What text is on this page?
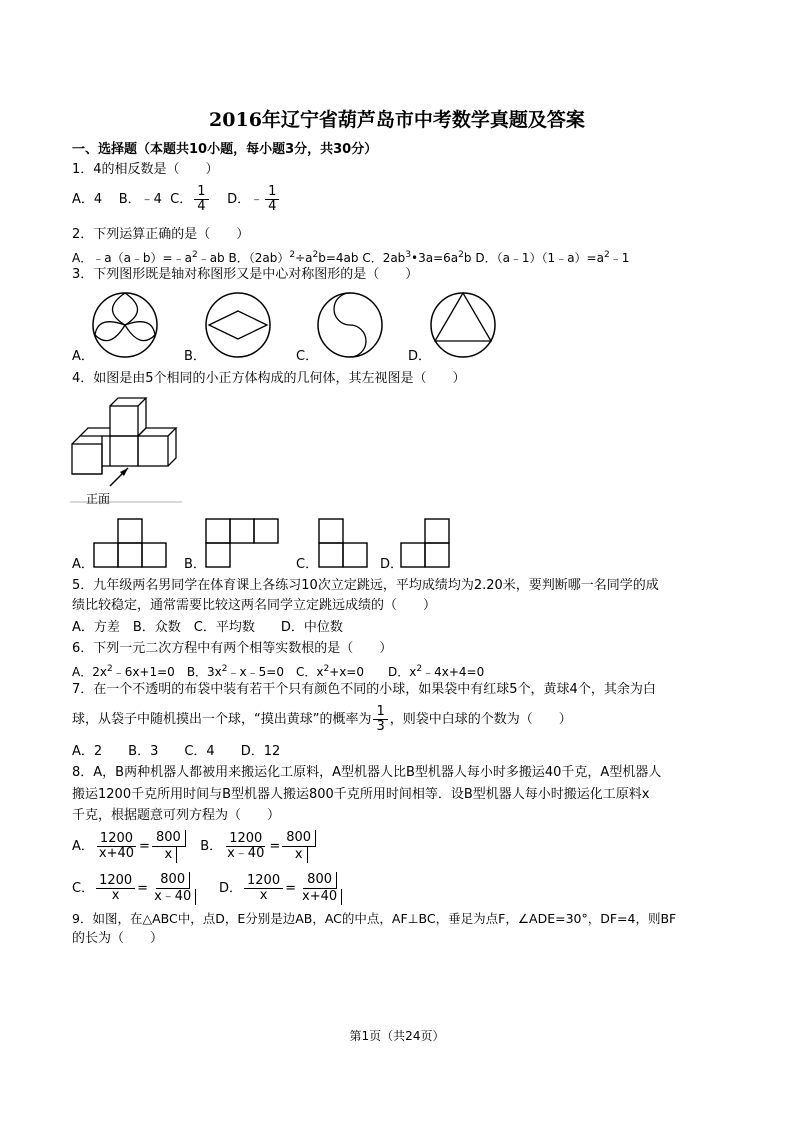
2016年辽宁省葫芦岛市中考数学真题及答案
一、选择题（本题共10小题，每小题3分，共30分）
1．4的相反数是（　　）
A．4 B．﹣4 C． $\frac{1}{4}$ D．﹣ $\frac{1}{4}$
2．下列运算正确的是（　　）
A．$﹣a(a﹣b)=﹣a^2﹣ab$ B．$(2ab)^2\div a^2b=4ab$ C．$2ab^3•3a=6a^2b$ D．$(a﹣1)(1﹣a)=a^2﹣1$
3．下列图形既是轴对称图形又是中心对称图形的是（　　）
A．	B．	C．	D．
4．如图是由5个相同的小正方体构成的几何体，其左视图是（　　）
正面
A．	B．	C．	D．
5．九年级两名男同学在体育课上各练习10次立定跳远，平均成绩均为2.20米，要判断哪一名同学的成
绩比较稳定，通常需要比较这两名同学立定跳远成绩的（　　）
A．方差　B．众数　C．平均数　　D．中位数
6．下列一元二次方程中有两个相等实数根的是（　　）
A．$2x^2﹣6x+1=0$　B．$3x^2﹣x﹣5=0$　C．$x^2+x=0$　　D．$x^2﹣4x+4=0$
7．在一个不透明的布袋中装有若干个只有颜色不同的小球，如果袋中有红球5个，黄球4个，其余为白
球，从袋子中随机摸出一个球，“摸出黄球”的概率为 $\frac{1}{3}$ ，则袋中白球的个数为（　　）
A．2　　B．3　　C．4　　D．12
8．A，B两种机器人都被用来搬运化工原料，A型机器人比B型机器人每小时多搬运40千克，A型机器人
搬运1200千克所用时间与B型机器人搬运800千克所用时间相等．设B型机器人每小时搬运化工原料x
千克，根据题意可列方程为（　　）
A． $\frac{1200}{x+40} = \frac{800}{x}$ B． $\frac{1200}{x﹣40} = \frac{800}{x}$
C． $\frac{1200}{x} = \frac{800}{x﹣40}$ D． $\frac{1200}{x} = \frac{800}{x+40}$
9．如图，在△ABC中，点D，E分别是边AB，AC的中点，AF⊥BC，垂足为点F，∠ADE=30°，DF=4，则BF
的长为（　　）
第1页（共24页）
